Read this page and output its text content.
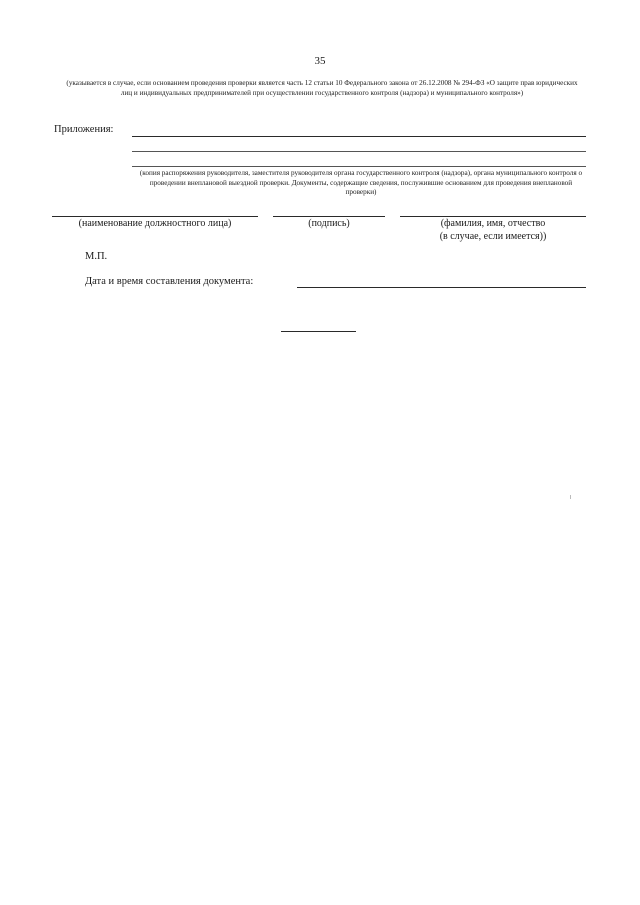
35
(указывается в случае, если основанием проведения проверки является часть 12 статьи 10 Федерального закона от 26.12.2008 № 294-ФЗ «О защите прав юридических лиц и индивидуальных предпринимателей при осуществлении государственного контроля (надзора) и муниципального контроля»)
Приложения:
(копия распоряжения руководителя, заместителя руководителя органа государственного контроля (надзора), органа муниципального контроля о проведении внеплановой выездной проверки. Документы, содержащие сведения, послужившие основанием для проведения внеплановой проверки)
(наименование должностного лица)	(подпись)	(фамилия, имя, отчество
(в случае, если имеется))
М.П.
Дата и время составления документа:
